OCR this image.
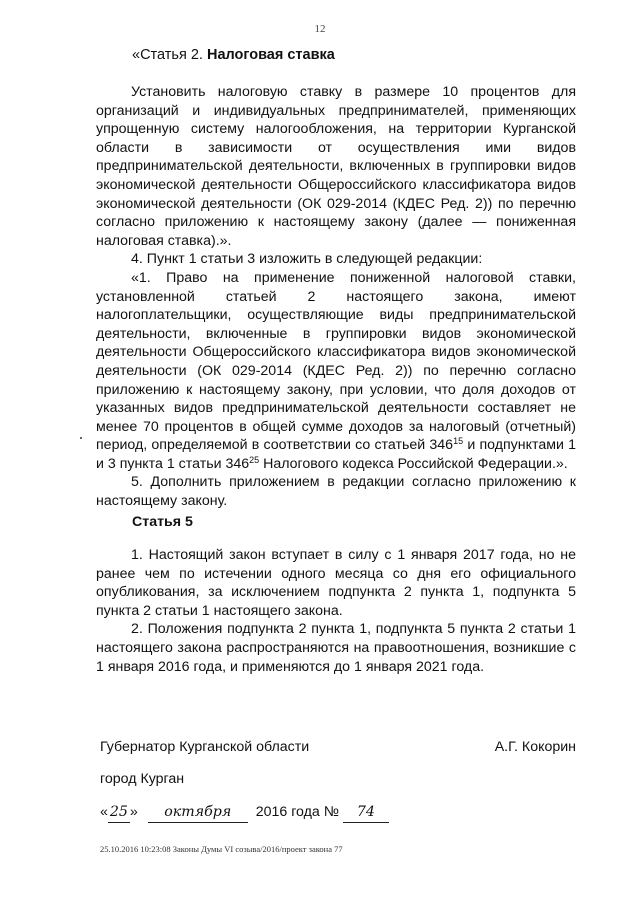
12

«Статья 2. Налоговая ставка

Установить налоговую ставку в размере 10 процентов для организаций и индивидуальных предпринимателей, применяющих упрощенную систему налогообложения, на территории Курганской области в зависимости от осуществления ими видов предпринимательской деятельности, включенных в группировки видов экономической деятельности Общероссийского классификатора видов экономической деятельности (ОК 029-2014 (КДЕС Ред. 2)) по перечню согласно приложению к настоящему закону (далее — пониженная налоговая ставка).».

4. Пункт 1 статьи 3 изложить в следующей редакции:

«1. Право на применение пониженной налоговой ставки, установленной статьей 2 настоящего закона, имеют налогоплательщики, осуществляющие виды предпринимательской деятельности, включенные в группировки видов экономической деятельности Общероссийского классификатора видов экономической деятельности (ОК 029-2014 (КДЕС Ред. 2)) по перечню согласно приложению к настоящему закону, при условии, что доля доходов от указанных видов предпринимательской деятельности составляет не менее 70 процентов в общей сумме доходов за налоговый (отчетный) период, определяемой в соответствии со статьей $346^{15}$ и подпунктами 1 и 3 пункта 1 статьи $346^{25}$ Налогового кодекса Российской Федерации.».

5. Дополнить приложением в редакции согласно приложению к настоящему закону.

Статья 5

1. Настоящий закон вступает в силу с 1 января 2017 года, но не ранее чем по истечении одного месяца со дня его официального опубликования, за исключением подпункта 2 пункта 1, подпункта 5 пункта 2 статьи 1 настоящего закона.

2. Положения подпункта 2 пункта 1, подпункта 5 пункта 2 статьи 1 настоящего закона распространяются на правоотношения, возникшие с 1 января 2016 года, и применяются до 1 января 2021 года.

Губернатор Курганской области	А.Г. Кокорин
город Курган
« 25 » октября 2016 года № 74
25.10.2016 10:23:08 Законы Думы VI созыва/2016/проект закона 77
